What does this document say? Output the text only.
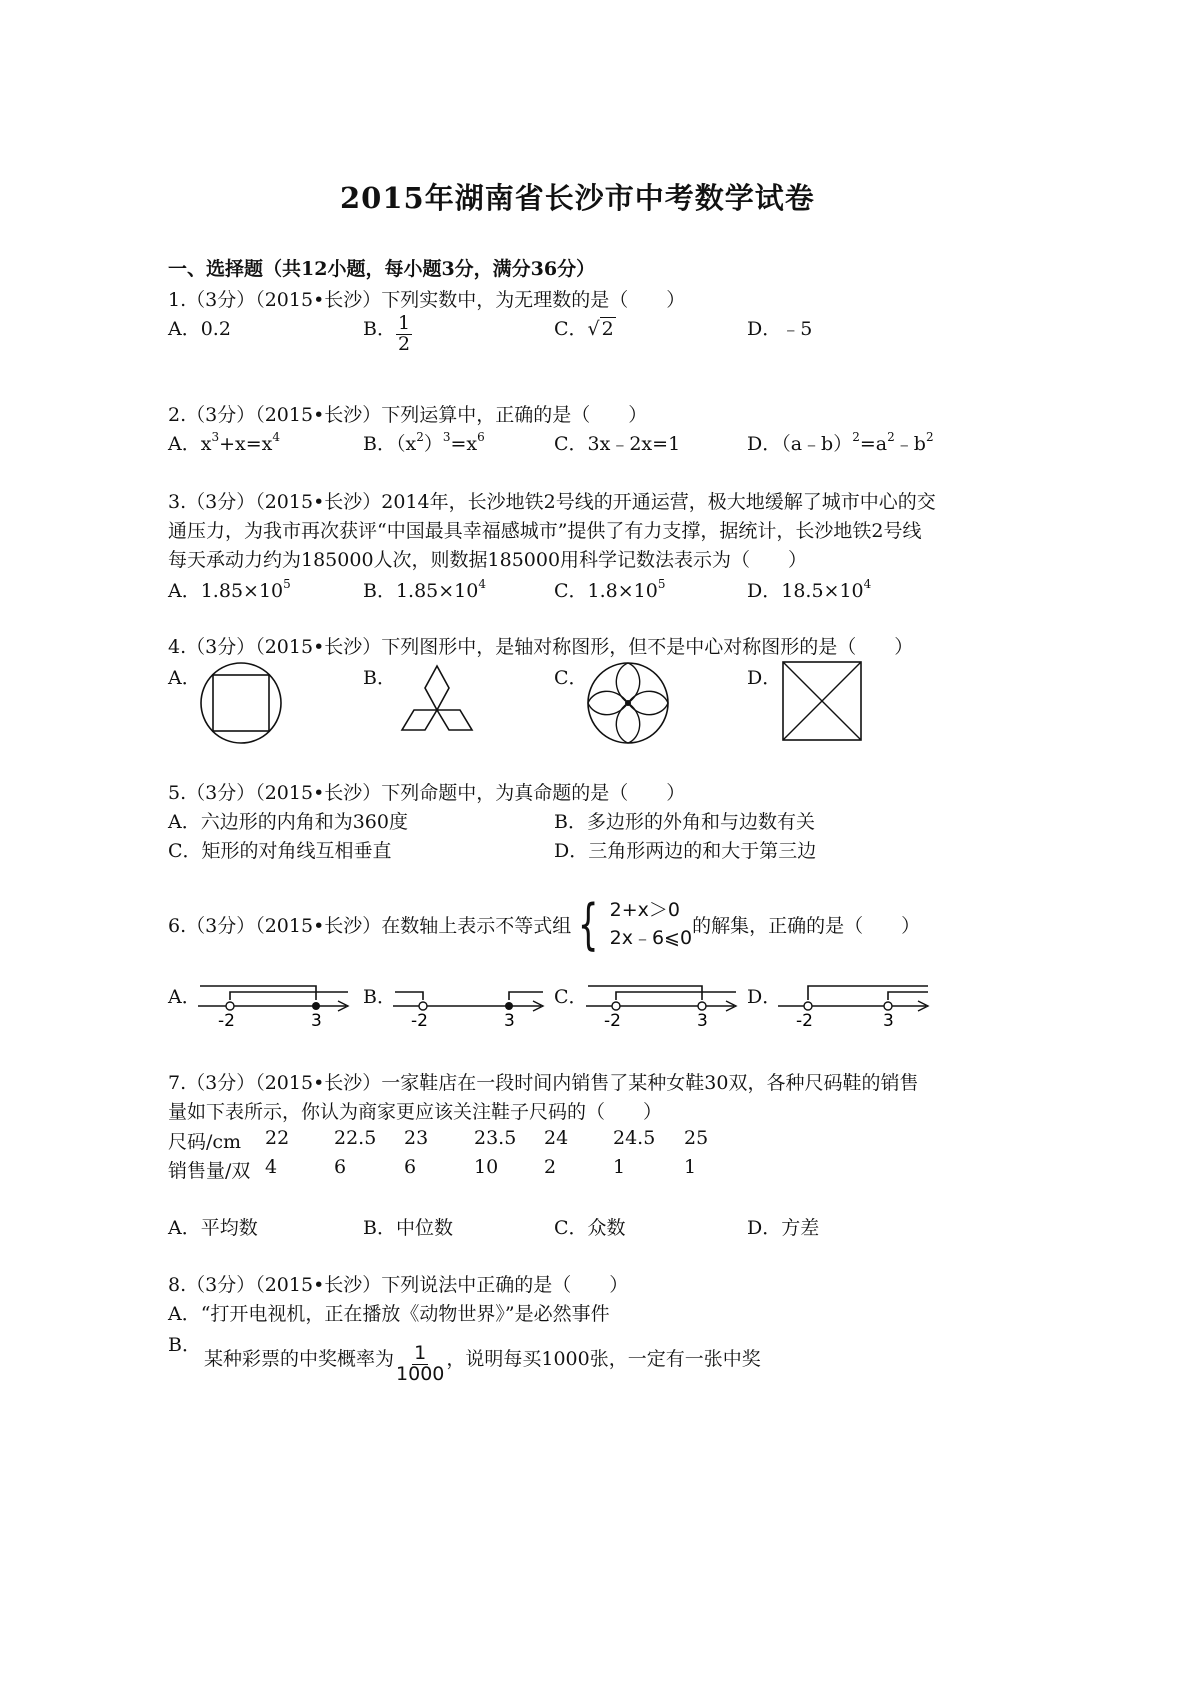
2015年湖南省长沙市中考数学试卷
一、选择题（共12小题，每小题3分，满分36分）
1.（3分）（2015•长沙）下列实数中，为无理数的是（　　）
A．0.2	B． $\frac{1}{2}$	C．√ 2	D．﹣5
2.（3分）（2015•长沙）下列运算中，正确的是（　　）
A．$x^3+x=x^4$	B．$(x^2)^3=x^6$	C．3x﹣2x=1	D．$(a﹣b)^2=a^2﹣b^2$
3.（3分）（2015•长沙）2014年，长沙地铁2号线的开通运营，极大地缓解了城市中心的交
通压力，为我市再次获评“中国最具幸福感城市”提供了有力支撑，据统计，长沙地铁2号线
每天承动力约为185000人次，则数据185000用科学记数法表示为（　　）
A．$1.85\times 10^5$	B．$1.85\times 10^4$	C．$1.8\times 10^5$	D．$18.5\times 10^4$
4.（3分）（2015•长沙）下列图形中，是轴对称图形，但不是中心对称图形的是（　　）
A．	B．	C．	D．
5.（3分）（2015•长沙）下列命题中，为真命题的是（　　）
A．六边形的内角和为360度	B．多边形的外角和与边数有关
C．矩形的对角线互相垂直	D．三角形两边的和大于第三边
6.（3分）（2015•长沙）在数轴上表示不等式组 { 2+x＞0
2x﹣6⩽0
的解集，正确的是（　　）
A．	B．	C．	D．
-2	3	-2	3	-2	3	-2	3
7.（3分）（2015•长沙）一家鞋店在一段时间内销售了某种女鞋30双，各种尺码鞋的销售
量如下表所示，你认为商家更应该关注鞋子尺码的（　　）
尺码/cm 22 22.5 23 23.5 24 24.5 25
销售量/双 4	6	6	10 2	1	1
A．平均数	B．中位数	C．众数	D．方差
8.（3分）（2015•长沙）下列说法中正确的是（　　）
A．“打开电视机，正在播放《动物世界》”是必然事件
B．
某种彩票的中奖概率为 $\frac{1}{1000}$ ，说明每买1000张，一定有一张中奖
